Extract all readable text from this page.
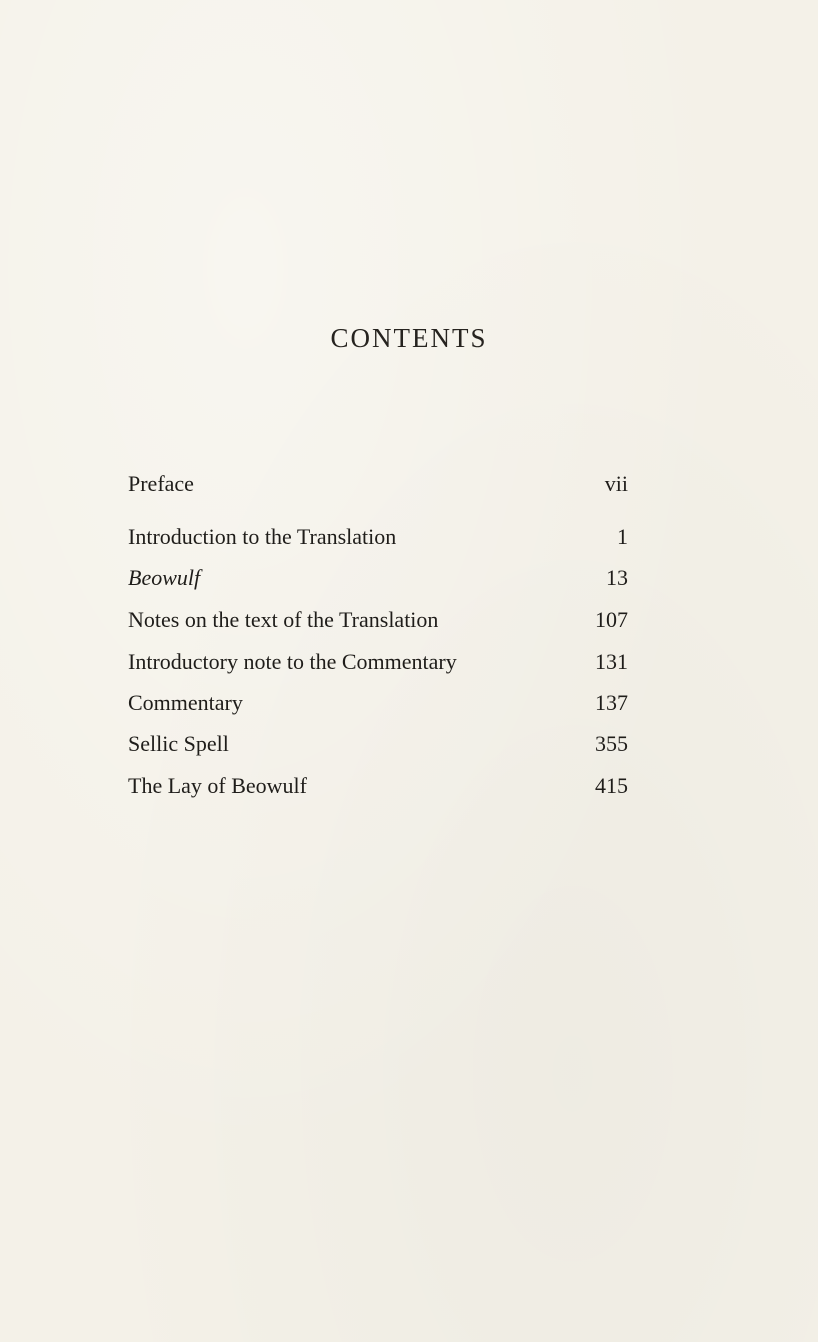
CONTENTS
Preface	vii
Introduction to the Translation	1
Beowulf	13
Notes on the text of the Translation	107
Introductory note to the Commentary	131
Commentary	137
Sellic Spell	355
The Lay of Beowulf	415
